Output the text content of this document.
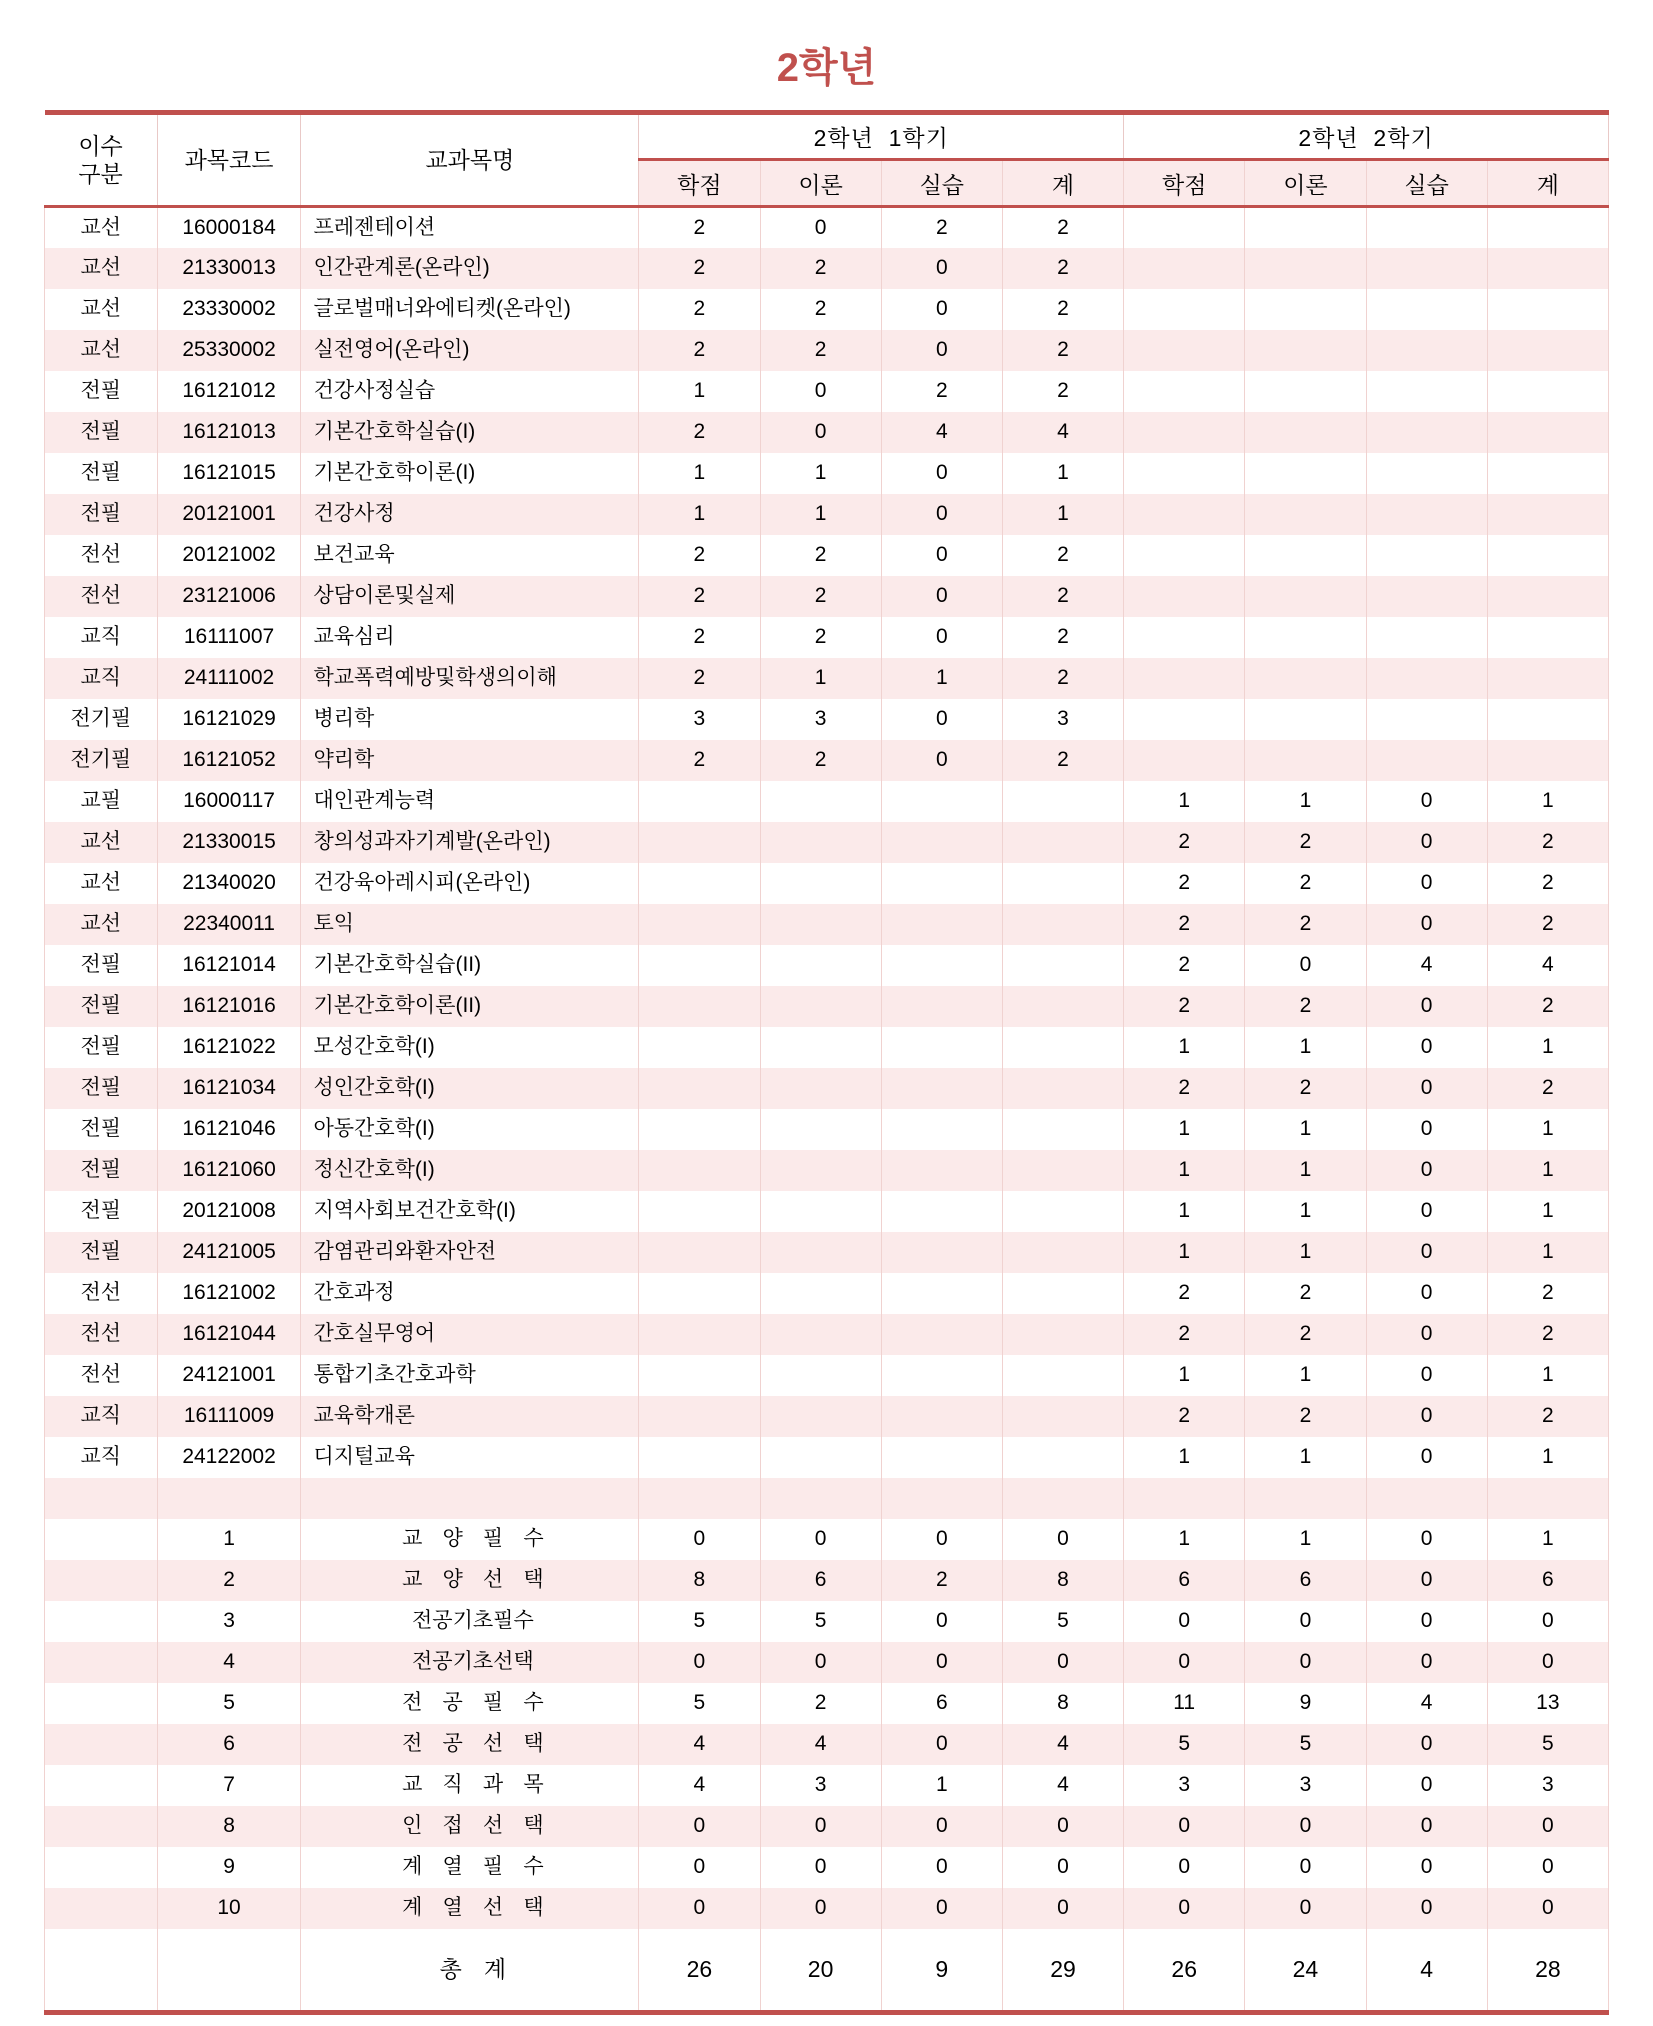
2학년
이수
구분	과목코드	교과목명	2학년  1학기				2학년  2학기			
			학점	이론	실습	계	학점	이론	실습	계
교선	16000184	프레젠테이션	2	0	2	2				
교선	21330013	인간관계론(온라인)	2	2	0	2				
교선	23330002	글로벌매너와에티켓(온라인)	2	2	0	2				
교선	25330002	실전영어(온라인)	2	2	0	2				
전필	16121012	건강사정실습	1	0	2	2				
전필	16121013	기본간호학실습(I)	2	0	4	4				
전필	16121015	기본간호학이론(I)	1	1	0	1				
전필	20121001	건강사정	1	1	0	1				
전선	20121002	보건교육	2	2	0	2				
전선	23121006	상담이론및실제	2	2	0	2				
교직	16111007	교육심리	2	2	0	2				
교직	24111002	학교폭력예방및학생의이해	2	1	1	2				
전기필	16121029	병리학	3	3	0	3				
전기필	16121052	약리학	2	2	0	2				
교필	16000117	대인관계능력					1	1	0	1
교선	21330015	창의성과자기계발(온라인)					2	2	0	2
교선	21340020	건강육아레시피(온라인)					2	2	0	2
교선	22340011	토익					2	2	0	2
전필	16121014	기본간호학실습(II)					2	0	4	4
전필	16121016	기본간호학이론(II)					2	2	0	2
전필	16121022	모성간호학(I)					1	1	0	1
전필	16121034	성인간호학(I)					2	2	0	2
전필	16121046	아동간호학(I)					1	1	0	1
전필	16121060	정신간호학(I)					1	1	0	1
전필	20121008	지역사회보건간호학(I)					1	1	0	1
전필	24121005	감염관리와환자안전					1	1	0	1
전선	16121002	간호과정					2	2	0	2
전선	16121044	간호실무영어					2	2	0	2
전선	24121001	통합기초간호과학					1	1	0	1
교직	16111009	교육학개론					2	2	0	2
교직	24122002	디지털교육					1	1	0	1

	1	교 양 필 수	0	0	0	0	1	1	0	1
	2	교 양 선 택	8	6	2	8	6	6	0	6
	3	전공기초필수	5	5	0	5	0	0	0	0
	4	전공기초선택	0	0	0	0	0	0	0	0
	5	전 공 필 수	5	2	6	8	11	9	4	13
	6	전 공 선 택	4	4	0	4	5	5	0	5
	7	교 직 과 목	4	3	1	4	3	3	0	3
	8	인 접 선 택	0	0	0	0	0	0	0	0
	9	계 열 필 수	0	0	0	0	0	0	0	0
	10	계 열 선 택	0	0	0	0	0	0	0	0
		총 계	26	20	9	29	26	24	4	28
